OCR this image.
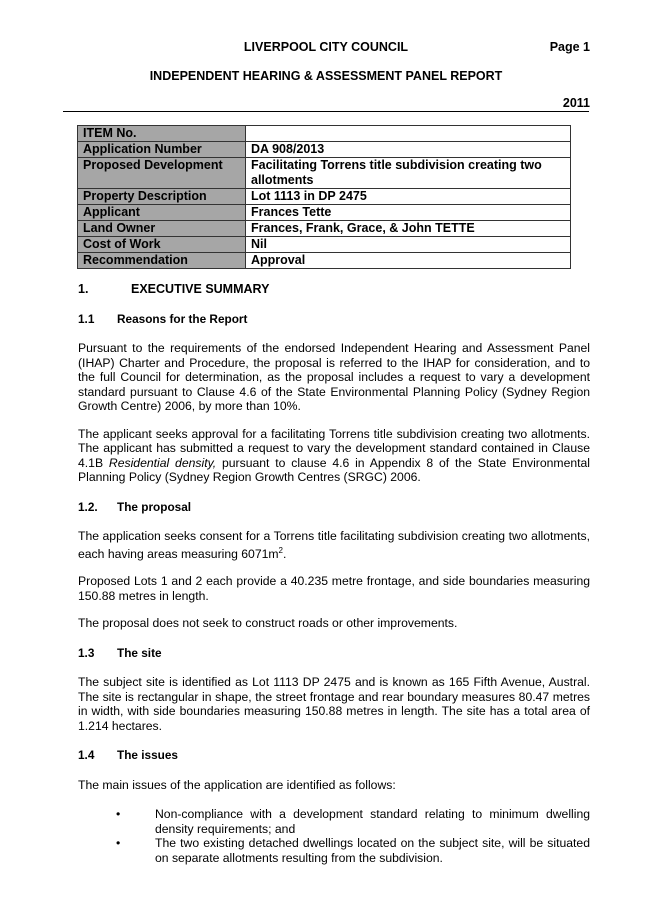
LIVERPOOL CITY COUNCIL	Page 1
INDEPENDENT HEARING & ASSESSMENT PANEL REPORT
2011
ITEM No.	
Application Number	DA 908/2013
Proposed Development	Facilitating Torrens title subdivision creating two allotments
Property Description	Lot 1113 in DP 2475
Applicant	Frances Tette
Land Owner	Frances, Frank, Grace, & John TETTE
Cost of Work	Nil
Recommendation	Approval
1.	EXECUTIVE SUMMARY
1.1	Reasons for the Report

Pursuant to the requirements of the endorsed Independent Hearing and Assessment Panel (IHAP) Charter and Procedure, the proposal is referred to the IHAP for consideration, and to the full Council for determination, as the proposal includes a request to vary a development standard pursuant to Clause 4.6 of the State Environmental Planning Policy (Sydney Region Growth Centre) 2006, by more than 10%.

The applicant seeks approval for a facilitating Torrens title subdivision creating two allotments. The applicant has submitted a request to vary the development standard contained in Clause 4.1B Residential density, pursuant to clause 4.6 in Appendix 8 of the State Environmental Planning Policy (Sydney Region Growth Centres (SRGC) 2006.

1.2.	The proposal

The application seeks consent for a Torrens title facilitating subdivision creating two allotments, each having areas measuring $6071m^2$.

Proposed Lots 1 and 2 each provide a 40.235 metre frontage, and side boundaries measuring 150.88 metres in length.

The proposal does not seek to construct roads or other improvements.

1.3	The site

The subject site is identified as Lot 1113 DP 2475 and is known as 165 Fifth Avenue, Austral. The site is rectangular in shape, the street frontage and rear boundary measures 80.47 metres in width, with side boundaries measuring 150.88 metres in length. The site has a total area of 1.214 hectares.

1.4	The issues

The main issues of the application are identified as follows:

•	Non-compliance with a development standard relating to minimum dwelling density requirements; and
•	The two existing detached dwellings located on the subject site, will be situated on separate allotments resulting from the subdivision.
